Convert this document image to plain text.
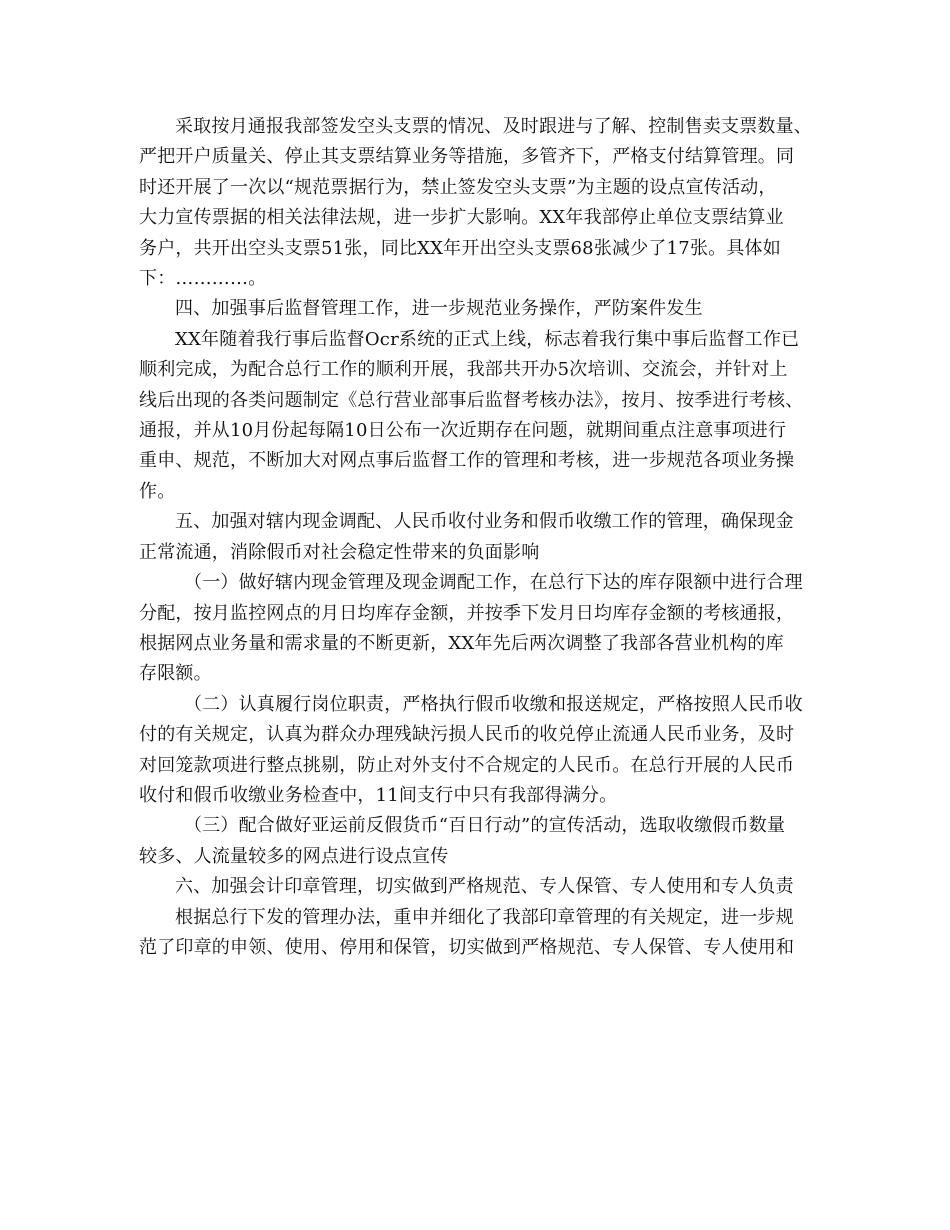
采取按月通报我部签发空头支票的情况、及时跟进与了解、控制售卖支票数量、
严把开户质量关、停止其支票结算业务等措施，多管齐下，严格支付结算管理。同
时还开展了一次以“规范票据行为，禁止签发空头支票”为主题的设点宣传活动，
大力宣传票据的相关法律法规，进一步扩大影响。XX年我部停止单位支票结算业
务户，共开出空头支票51张，同比XX年开出空头支票68张减少了17张。具体如
下：…………。

四、加强事后监督管理工作，进一步规范业务操作，严防案件发生

XX年随着我行事后监督Ocr系统的正式上线，标志着我行集中事后监督工作已
顺利完成，为配合总行工作的顺利开展，我部共开办5次培训、交流会，并针对上
线后出现的各类问题制定《总行营业部事后监督考核办法》，按月、按季进行考核、
通报，并从10月份起每隔10日公布一次近期存在问题，就期间重点注意事项进行
重申、规范，不断加大对网点事后监督工作的管理和考核，进一步规范各项业务操
作。

五、加强对辖内现金调配、人民币收付业务和假币收缴工作的管理，确保现金
正常流通，消除假币对社会稳定性带来的负面影响

（一）做好辖内现金管理及现金调配工作，在总行下达的库存限额中进行合理
分配，按月监控网点的月日均库存金额，并按季下发月日均库存金额的考核通报，
根据网点业务量和需求量的不断更新，XX年先后两次调整了我部各营业机构的库
存限额。

（二）认真履行岗位职责，严格执行假币收缴和报送规定，严格按照人民币收
付的有关规定，认真为群众办理残缺污损人民币的收兑停止流通人民币业务，及时
对回笼款项进行整点挑剔，防止对外支付不合规定的人民币。在总行开展的人民币
收付和假币收缴业务检查中，11间支行中只有我部得满分。

（三）配合做好亚运前反假货币“百日行动”的宣传活动，选取收缴假币数量
较多、人流量较多的网点进行设点宣传

六、加强会计印章管理，切实做到严格规范、专人保管、专人使用和专人负责

根据总行下发的管理办法，重申并细化了我部印章管理的有关规定，进一步规
范了印章的申领、使用、停用和保管，切实做到严格规范、专人保管、专人使用和
